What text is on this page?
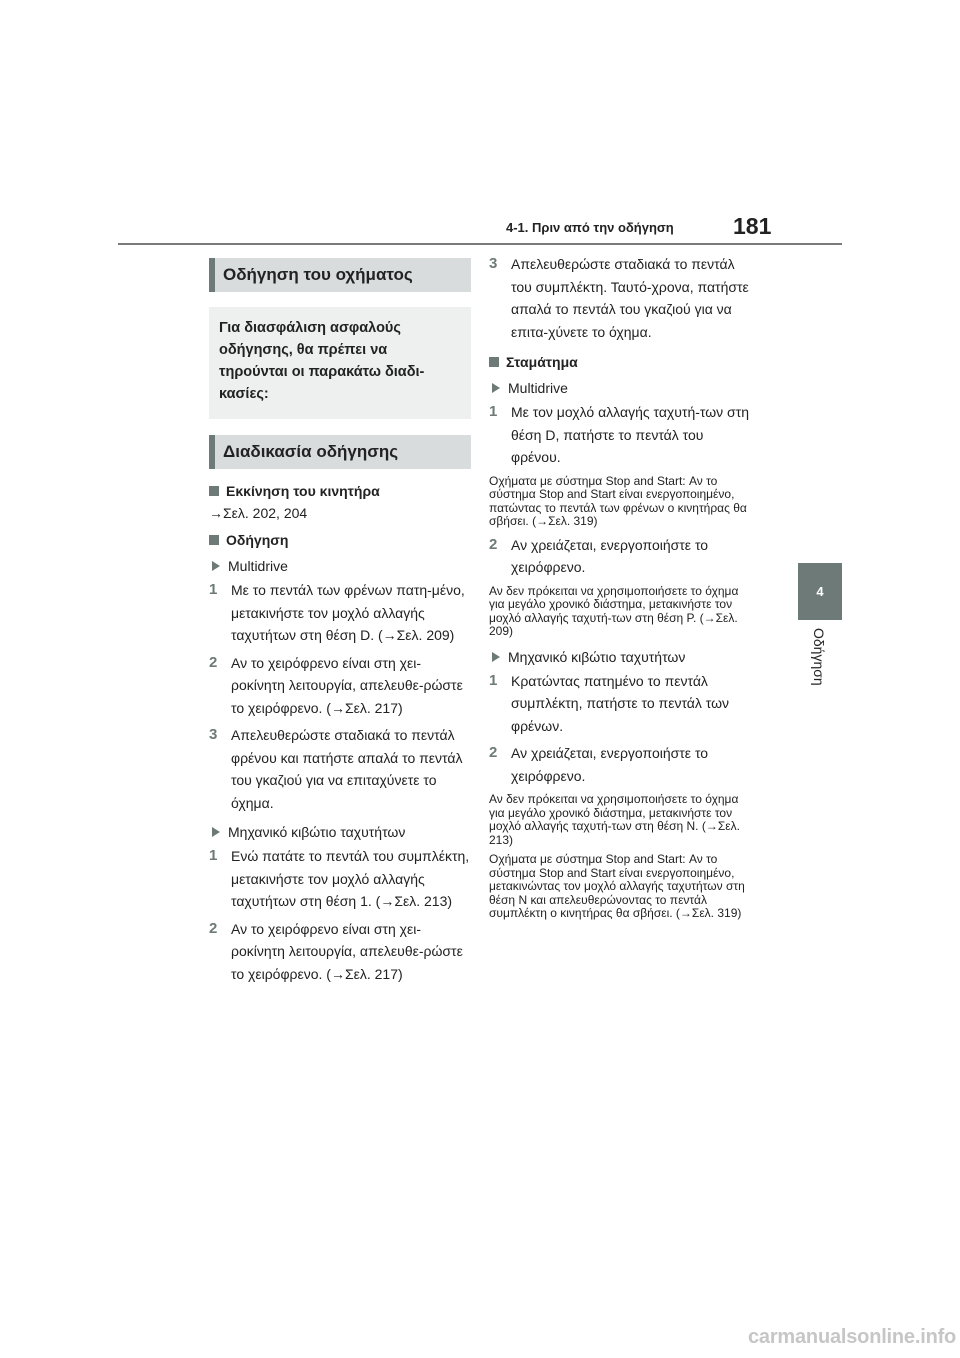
4-1. Πριν από την οδήγηση	181
4
Οδήγηση
Οδήγηση του οχήματος
Για διασφάλιση ασφαλούς οδήγησης, θα πρέπει να τηρούνται οι παρακάτω διαδι-κασίες:
Διαδικασία οδήγησης
Εκκίνηση του κινητήρα
→Σελ. 202, 204
Οδήγηση
Multidrive
1 Με το πεντάλ των φρένων πατη-μένο, μετακινήστε τον μοχλό αλλαγής ταχυτήτων στη θέση D. (→Σελ. 209)
2 Αν το χειρόφρενο είναι στη χει-ροκίνητη λειτουργία, απελευθε-ρώστε το χειρόφρενο. (→Σελ. 217)
3 Απελευθερώστε σταδιακά το πεντάλ φρένου και πατήστε απαλά το πεντάλ του γκαζιού για να επιταχύνετε το όχημα.
Μηχανικό κιβώτιο ταχυτήτων
1 Ενώ πατάτε το πεντάλ του συμπλέκτη, μετακινήστε τον μοχλό αλλαγής ταχυτήτων στη θέση 1. (→Σελ. 213)
2 Αν το χειρόφρενο είναι στη χει-ροκίνητη λειτουργία, απελευθε-ρώστε το χειρόφρενο. (→Σελ. 217)
3 Απελευθερώστε σταδιακά το πεντάλ του συμπλέκτη. Ταυτό-χρονα, πατήστε απαλά το πεντάλ του γκαζιού για να επιτα-χύνετε το όχημα.
Σταμάτημα
Multidrive
1 Με τον μοχλό αλλαγής ταχυτή-των στη θέση D, πατήστε το πεντάλ του φρένου.
Οχήματα με σύστημα Stop and Start: Αν το σύστημα Stop and Start είναι ενεργοποιημένο, πατώντας το πεντάλ των φρένων ο κινητήρας θα σβήσει. (→Σελ. 319)
2 Αν χρειάζεται, ενεργοποιήστε το χειρόφρενο.
Αν δεν πρόκειται να χρησιμοποιήσετε το όχημα για μεγάλο χρονικό διάστημα, μετακινήστε τον μοχλό αλλαγής ταχυτή-των στη θέση P. (→Σελ. 209)
Μηχανικό κιβώτιο ταχυτήτων
1 Κρατώντας πατημένο το πεντάλ συμπλέκτη, πατήστε το πεντάλ των φρένων.
2 Αν χρειάζεται, ενεργοποιήστε το χειρόφρενο.
Αν δεν πρόκειται να χρησιμοποιήσετε το όχημα για μεγάλο χρονικό διάστημα, μετακινήστε τον μοχλό αλλαγής ταχυτή-των στη θέση N. (→Σελ. 213)
Οχήματα με σύστημα Stop and Start: Αν το σύστημα Stop and Start είναι ενεργοποιημένο, μετακινώντας τον μοχλό αλλαγής ταχυτήτων στη θέση N και απελευθερώνοντας το πεντάλ συμπλέκτη ο κινητήρας θα σβήσει. (→Σελ. 319)
carmanualsonline.info
